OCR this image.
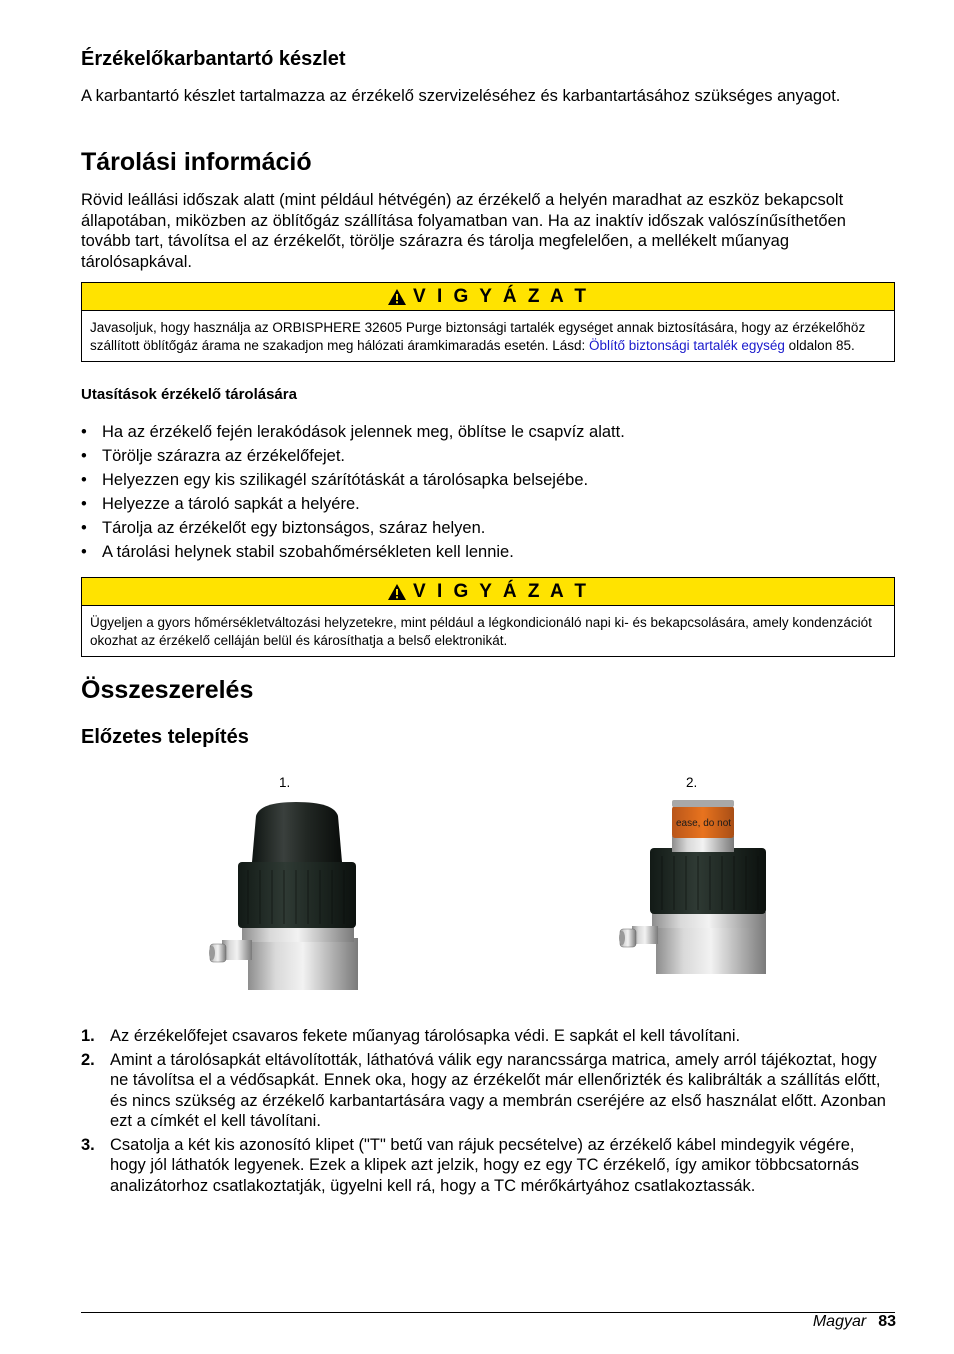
Érzékelőkarbantartó készlet

A karbantartó készlet tartalmazza az érzékelő szervizeléséhez és karbantartásához szükséges anyagot.

Tárolási információ

Rövid leállási időszak alatt (mint például hétvégén) az érzékelő a helyén maradhat az eszköz bekapcsolt állapotában, miközben az öblítőgáz szállítása folyamatban van. Ha az inaktív időszak valószínűsíthetően tovább tart, távolítsa el az érzékelőt, törölje szárazra és tárolja megfelelően, a mellékelt műanyag tárolósapkával.

V I G Y Á Z A T
Javasoljuk, hogy használja az ORBISPHERE 32605 Purge biztonsági tartalék egységet annak biztosítására, hogy az érzékelőhöz szállított öblítőgáz árama ne szakadjon meg hálózati áramkimaradás esetén. Lásd: Öblítő biztonsági tartalék egység oldalon 85.
Utasítások érzékelő tárolására
• Ha az érzékelő fején lerakódások jelennek meg, öblítse le csapvíz alatt.
• Törölje szárazra az érzékelőfejet.
• Helyezzen egy kis szilikagél szárítótáskát a tárolósapka belsejébe.
• Helyezze a tároló sapkát a helyére.
• Tárolja az érzékelőt egy biztonságos, száraz helyen.
• A tárolási helynek stabil szobahőmérsékleten kell lennie.
V I G Y Á Z A T
Ügyeljen a gyors hőmérsékletváltozási helyzetekre, mint például a légkondicionáló napi ki- és bekapcsolására, amely kondenzációt okozhat az érzékelő celláján belül és károsíthatja a belső elektronikát.
Összeszerelés
Előzetes telepítés
1.	2.
ease, do not
1. Az érzékelőfejet csavaros fekete műanyag tárolósapka védi. E sapkát el kell távolítani.
2. Amint a tárolósapkát eltávolították, láthatóvá válik egy narancssárga matrica, amely arról tájékoztat, hogy ne távolítsa el a védősapkát. Ennek oka, hogy az érzékelőt már ellenőrizték és kalibrálták a szállítás előtt, és nincs szükség az érzékelő karbantartására vagy a membrán cseréjére az első használat előtt. Azonban ezt a címkét el kell távolítani.
3. Csatolja a két kis azonosító klipet ("T" betű van rájuk pecsételve) az érzékelő kábel mindegyik végére, hogy jól láthatók legyenek. Ezek a klipek azt jelzik, hogy ez egy TC érzékelő, így amikor többcsatornás analizátorhoz csatlakoztatják, ügyelni kell rá, hogy a TC mérőkártyához csatlakoztassák.
Magyar 83
